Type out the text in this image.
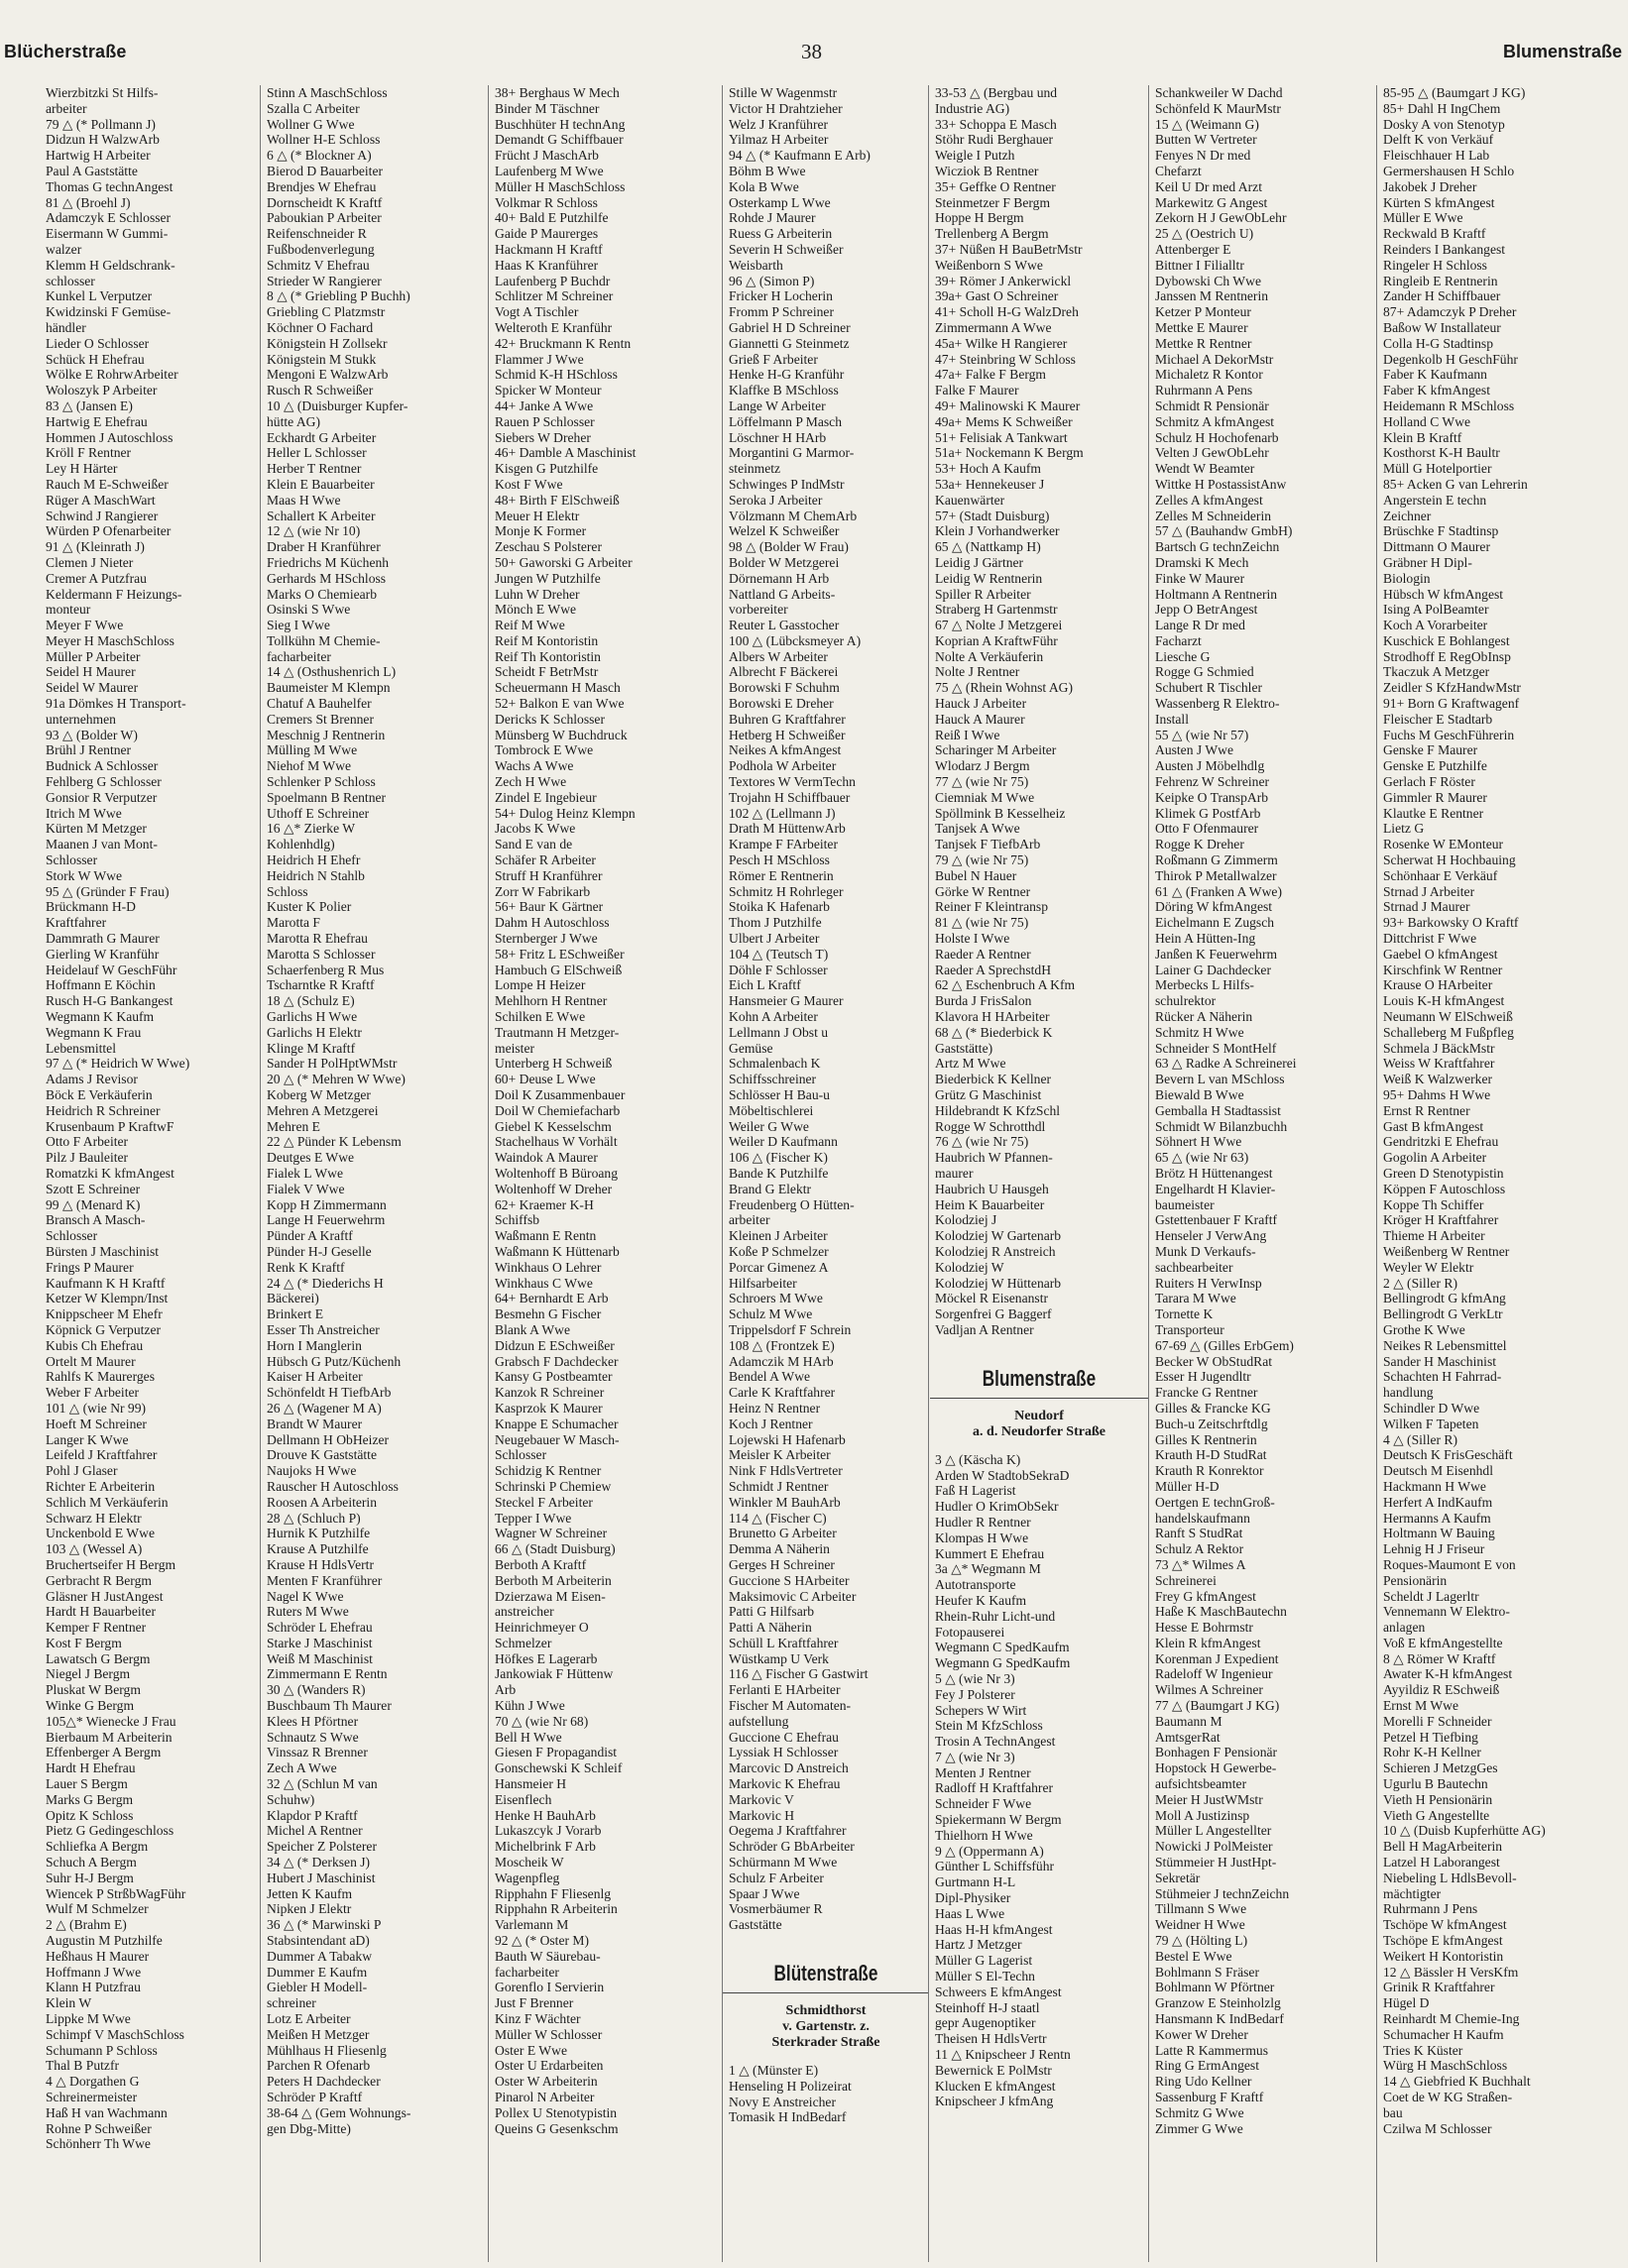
Blücherstraße	38	Blumenstraße
Wierzbitzki St Hilfs-
arbeiter
79 △ (* Pollmann J)
Didzun H WalzwArb
Hartwig H Arbeiter
Paul A Gaststätte
Thomas G technAngest
81 △ (Broehl J)
Adamczyk E Schlosser
Eisermann W Gummi-
walzer
Klemm H Geldschrank-
schlosser
Kunkel L Verputzer
Kwidzinski F Gemüse-
händler
Lieder O Schlosser
Schück H Ehefrau
Wölke E RohrwArbeiter
Woloszyk P Arbeiter
83 △ (Jansen E)
Hartwig E Ehefrau
Hommen J Autoschloss
Kröll F Rentner
Ley H Härter
Rauch M E-Schweißer
Rüger A MaschWart
Schwind J Rangierer
Würden P Ofenarbeiter
91 △ (Kleinrath J)
Clemen J Nieter
Cremer A Putzfrau
Keldermann F Heizungs-
monteur
Meyer F Wwe
Meyer H MaschSchloss
Müller P Arbeiter
Seidel H Maurer
Seidel W Maurer
91a Dömkes H Transport-
unternehmen
93 △ (Bolder W)
Brühl J Rentner
Budnick A Schlosser
Fehlberg G Schlosser
Gonsior R Verputzer
Itrich M Wwe
Kürten M Metzger
Maanen J van Mont-
Schlosser
Stork W Wwe
95 △ (Gründer F Frau)
Brückmann H-D
Kraftfahrer
Dammrath G Maurer
Gierling W Kranführ
Heidelauf W GeschFühr
Hoffmann E Köchin
Rusch H-G Bankangest
Wegmann K Kaufm
Wegmann K Frau
Lebensmittel
97 △ (* Heidrich W Wwe)
Adams J Revisor
Böck E Verkäuferin
Heidrich R Schreiner
Krusenbaum P KraftwF
Otto F Arbeiter
Pilz J Bauleiter
Romatzki K kfmAngest
Szott E Schreiner
99 △ (Menard K)
Bransch A Masch-
Schlosser
Bürsten J Maschinist
Frings P Maurer
Kaufmann K H Kraftf
Ketzer W Klempn/Inst
Knippscheer M Ehefr
Köpnick G Verputzer
Kubis Ch Ehefrau
Ortelt M Maurer
Rahlfs K Maurerges
Weber F Arbeiter
101 △ (wie Nr 99)
Hoeft M Schreiner
Langer K Wwe
Leifeld J Kraftfahrer
Pohl J Glaser
Richter E Arbeiterin
Schlich M Verkäuferin
Schwarz H Elektr
Unckenbold E Wwe
103 △ (Wessel A)
Bruchertseifer H Bergm
Gerbracht R Bergm
Gläsner H JustAngest
Hardt H Bauarbeiter
Kemper F Rentner
Kost F Bergm
Lawatsch G Bergm
Niegel J Bergm
Pluskat W Bergm
Winke G Bergm
105△* Wienecke J Frau
Bierbaum M Arbeiterin
Effenberger A Bergm
Hardt H Ehefrau
Lauer S Bergm
Marks G Bergm
Opitz K Schloss
Pietz G Gedingeschloss
Schliefka A Bergm
Schuch A Bergm
Suhr H-J Bergm
Wiencek P StrßbWagFühr
Wulf M Schmelzer
2 △ (Brahm E)
Augustin M Putzhilfe
Heßhaus H Maurer
Hoffmann J Wwe
Klann H Putzfrau
Klein W
Lippke M Wwe
Schimpf V MaschSchloss
Schumann P Schloss
Thal B Putzfr
4 △ Dorgathen G
Schreinermeister
Haß H van Wachmann
Rohne P Schweißer
Schönherr Th Wwe
Stinn A MaschSchloss
Szalla C Arbeiter
Wollner G Wwe
Wollner H-E Schloss
6 △ (* Blockner A)
Bierod D Bauarbeiter
Brendjes W Ehefrau
Dornscheidt K Kraftf
Paboukian P Arbeiter
Reifenschneider R
Fußbodenverlegung
Schmitz V Ehefrau
Strieder W Rangierer
8 △ (* Griebling P Buchh)
Griebling C Platzmstr
Köchner O Fachard
Königstein H Zollsekr
Königstein M Stukk
Mengoni E WalzwArb
Rusch R Schweißer
10 △ (Duisburger Kupfer-
hütte AG)
Eckhardt G Arbeiter
Heller L Schlosser
Herber T Rentner
Klein E Bauarbeiter
Maas H Wwe
Schallert K Arbeiter
12 △ (wie Nr 10)
Draber H Kranführer
Friedrichs M Küchenh
Gerhards M HSchloss
Marks O Chemiearb
Osinski S Wwe
Sieg I Wwe
Tollkühn M Chemie-
facharbeiter
14 △ (Osthushenrich L)
Baumeister M Klempn
Chatuf A Bauhelfer
Cremers St Brenner
Meschnig J Rentnerin
Mülling M Wwe
Niehof M Wwe
Schlenker P Schloss
Spoelmann B Rentner
Uthoff E Schreiner
16 △* Zierke W
Kohlenhdlg)
Heidrich H Ehefr
Heidrich N Stahlb
Schloss
Kuster K Polier
Marotta F
Marotta R Ehefrau
Marotta S Schlosser
Schaerfenberg R Mus
Tscharntke R Kraftf
18 △ (Schulz E)
Garlichs H Wwe
Garlichs H Elektr
Klinge M Kraftf
Sander H PolHptWMstr
20 △ (* Mehren W Wwe)
Koberg W Metzger
Mehren A Metzgerei
Mehren E
22 △ Pünder K Lebensm
Deutges E Wwe
Fialek L Wwe
Fialek V Wwe
Kopp H Zimmermann
Lange H Feuerwehrm
Pünder A Kraftf
Pünder H-J Geselle
Renk K Kraftf
24 △ (* Diederichs H
Bäckerei)
Brinkert E
Esser Th Anstreicher
Horn I Manglerin
Hübsch G Putz/Küchenh
Kaiser H Arbeiter
Schönfeldt H TiefbArb
26 △ (Wagener M A)
Brandt W Maurer
Dellmann H ObHeizer
Drouve K Gaststätte
Naujoks H Wwe
Rauscher H Autoschloss
Roosen A Arbeiterin
28 △ (Schluch P)
Hurnik K Putzhilfe
Krause A Putzhilfe
Krause H HdlsVertr
Menten F Kranführer
Nagel K Wwe
Ruters M Wwe
Schröder L Ehefrau
Starke J Maschinist
Weiß M Maschinist
Zimmermann E Rentn
30 △ (Wanders R)
Buschbaum Th Maurer
Klees H Pförtner
Schnautz S Wwe
Vinssaz R Brenner
Zech A Wwe
32 △ (Schlun M van
Schuhw)
Klapdor P Kraftf
Michel A Rentner
Speicher Z Polsterer
34 △ (* Derksen J)
Hubert J Maschinist
Jetten K Kaufm
Nipken J Elektr
36 △ (* Marwinski P
Stabsintendant aD)
Dummer A Tabakw
Dummer E Kaufm
Giebler H Modell-
schreiner
Lotz E Arbeiter
Meißen H Metzger
Mühlhaus H Fliesenlg
Parchen R Ofenarb
Peters H Dachdecker
Schröder P Kraftf
38-64 △ (Gem Wohnungs-
gen Dbg-Mitte)
38+ Berghaus W Mech
Binder M Täschner
Buschhüter H technAng
Demandt G Schiffbauer
Frücht J MaschArb
Laufenberg M Wwe
Müller H MaschSchloss
Volkmar R Schloss
40+ Bald E Putzhilfe
Gaide P Maurerges
Hackmann H Kraftf
Haas K Kranführer
Laufenberg P Buchdr
Schlitzer M Schreiner
Vogt A Tischler
Welteroth E Kranführ
42+ Bruckmann K Rentn
Flammer J Wwe
Schmid K-H HSchloss
Spicker W Monteur
44+ Janke A Wwe
Rauen P Schlosser
Siebers W Dreher
46+ Damble A Maschinist
Kisgen G Putzhilfe
Kost F Wwe
48+ Birth F ElSchweiß
Meuer H Elektr
Monje K Former
Zeschau S Polsterer
50+ Gaworski G Arbeiter
Jungen W Putzhilfe
Luhn W Dreher
Mönch E Wwe
Reif M Wwe
Reif M Kontoristin
Reif Th Kontoristin
Scheidt F BetrMstr
Scheuermann H Masch
52+ Balkon E van Wwe
Dericks K Schlosser
Münsberg W Buchdruck
Tombrock E Wwe
Wachs A Wwe
Zech H Wwe
Zindel E Ingebieur
54+ Dulog Heinz Klempn
Jacobs K Wwe
Sand E van de
Schäfer R Arbeiter
Struff H Kranführer
Zorr W Fabrikarb
56+ Baur K Gärtner
Dahm H Autoschloss
Sternberger J Wwe
58+ Fritz L ESchweißer
Hambuch G ElSchweiß
Lompe H Heizer
Mehlhorn H Rentner
Schilken E Wwe
Trautmann H Metzger-
meister
Unterberg H Schweiß
60+ Deuse L Wwe
Doil K Zusammenbauer
Doil W Chemiefacharb
Giebel K Kesselschm
Stachelhaus W Vorhält
Waindok A Maurer
Woltenhoff B Büroang
Woltenhoff W Dreher
62+ Kraemer K-H
Schiffsb
Waßmann E Rentn
Waßmann K Hüttenarb
Winkhaus O Lehrer
Winkhaus C Wwe
64+ Bernhardt E Arb
Besmehn G Fischer
Blank A Wwe
Didzun E ESchweißer
Grabsch F Dachdecker
Kansy G Postbeamter
Kanzok R Schreiner
Kasprzok K Maurer
Knappe E Schumacher
Neugebauer W Masch-
Schlosser
Schidzig K Rentner
Schrinski P Chemiew
Steckel F Arbeiter
Tepper I Wwe
Wagner W Schreiner
66 △ (Stadt Duisburg)
Berboth A Kraftf
Berboth M Arbeiterin
Dzierzawa M Eisen-
anstreicher
Heinrichmeyer O
Schmelzer
Höfkes E Lagerarb
Jankowiak F Hüttenw
Arb
Kühn J Wwe
70 △ (wie Nr 68)
Bell H Wwe
Giesen F Propagandist
Gonschewski K Schleif
Hansmeier H
Eisenflech
Henke H BauhArb
Lukaszcyk J Vorarb
Michelbrink F Arb
Moscheik W
Wagenpfleg
Ripphahn F Fliesenlg
Ripphahn R Arbeiterin
Varlemann M
92 △ (* Oster M)
Bauth W Säurebau-
facharbeiter
Gorenflo I Servierin
Just F Brenner
Kinz F Wächter
Müller W Schlosser
Oster E Wwe
Oster U Erdarbeiten
Oster W Arbeiterin
Pinarol N Arbeiter
Pollex U Stenotypistin
Queins G Gesenkschm
Stille W Wagenmstr
Victor H Drahtzieher
Welz J Kranführer
Yilmaz H Arbeiter
94 △ (* Kaufmann E Arb)
Böhm B Wwe
Kola B Wwe
Osterkamp L Wwe
Rohde J Maurer
Ruess G Arbeiterin
Severin H Schweißer
Weisbarth
96 △ (Simon P)
Fricker H Locherin
Fromm P Schreiner
Gabriel H D Schreiner
Giannetti G Steinmetz
Grieß F Arbeiter
Henke H-G Kranführ
Klaffke B MSchloss
Lange W Arbeiter
Löffelmann P Masch
Löschner H HArb
Morgantini G Marmor-
steinmetz
Schwinges P IndMstr
Seroka J Arbeiter
Völzmann M ChemArb
Welzel K Schweißer
98 △ (Bolder W Frau)
Bolder W Metzgerei
Dörnemann H Arb
Nattland G Arbeits-
vorbereiter
Reuter L Gasstocher
100 △ (Lübcksmeyer A)
Albers W Arbeiter
Albrecht F Bäckerei
Borowski F Schuhm
Borowski E Dreher
Buhren G Kraftfahrer
Hetberg H Schweißer
Neikes A kfmAngest
Podhola W Arbeiter
Textores W VermTechn
Trojahn H Schiffbauer
102 △ (Lellmann J)
Drath M HüttenwArb
Krampe F FArbeiter
Pesch H MSchloss
Römer E Rentnerin
Schmitz H Rohrleger
Stoika K Hafenarb
Thom J Putzhilfe
Ulbert J Arbeiter
104 △ (Teutsch T)
Döhle F Schlosser
Eich L Kraftf
Hansmeier G Maurer
Kohn A Arbeiter
Lellmann J Obst u
Gemüse
Schmalenbach K
Schiffsschreiner
Schlösser H Bau-u
Möbeltischlerei
Weiler G Wwe
Weiler D Kaufmann
106 △ (Fischer K)
Bande K Putzhilfe
Brand G Elektr
Freudenberg O Hütten-
arbeiter
Kleinen J Arbeiter
Koße P Schmelzer
Porcar Gimenez A
Hilfsarbeiter
Schroers M Wwe
Schulz M Wwe
Trippelsdorf F Schrein
108 △ (Frontzek E)
Adamczik M HArb
Bendel A Wwe
Carle K Kraftfahrer
Heinz N Rentner
Koch J Rentner
Lojewski H Hafenarb
Meisler K Arbeiter
Nink F HdlsVertreter
Schmidt J Rentner
Winkler M BauhArb
114 △ (Fischer C)
Brunetto G Arbeiter
Demma A Näherin
Gerges H Schreiner
Guccione S HArbeiter
Maksimovic C Arbeiter
Patti G Hilfsarb
Patti A Näherin
Schüll L Kraftfahrer
Wüstkamp U Verk
116 △ Fischer G Gastwirt
Ferlanti E HArbeiter
Fischer M Automaten-
aufstellung
Guccione C Ehefrau
Lyssiak H Schlosser
Marcovic D Anstreich
Markovic K Ehefrau
Markovic V
Markovic H
Oegema J Kraftfahrer
Schröder G BbArbeiter
Schürmann M Wwe
Schulz F Arbeiter
Spaar J Wwe
Vosmerbäumer R
Gaststätte
Blütenstraße
Schmidthorst
v. Gartenstr. z.
Sterkrader Straße
1 △ (Münster E)
Henseling H Polizeirat
Novy E Anstreicher
Tomasik H IndBedarf
33-53 △ (Bergbau und
Industrie AG)
33+ Schoppa E Masch
Stöhr Rudi Berghauer
Weigle I Putzh
Wicziok B Rentner
35+ Geffke O Rentner
Steinmetzer F Bergm
Hoppe H Bergm
Trellenberg A Bergm
37+ Nüßen H BauBetrMstr
Weißenborn S Wwe
39+ Römer J Ankerwickl
39a+ Gast O Schreiner
41+ Scholl H-G WalzDreh
Zimmermann A Wwe
45a+ Wilke H Rangierer
47+ Steinbring W Schloss
47a+ Falke F Bergm
Falke F Maurer
49+ Malinowski K Maurer
49a+ Mems K Schweißer
51+ Felisiak A Tankwart
51a+ Nockemann K Bergm
53+ Hoch A Kaufm
53a+ Hennekeuser J
Kauenwärter
57+ (Stadt Duisburg)
Klein J Vorhandwerker
65 △ (Nattkamp H)
Leidig J Gärtner
Leidig W Rentnerin
Spiller R Arbeiter
Straberg H Gartenmstr
67 △ Nolte J Metzgerei
Koprian A KraftwFühr
Nolte A Verkäuferin
Nolte J Rentner
75 △ (Rhein Wohnst AG)
Hauck J Arbeiter
Hauck A Maurer
Reiß I Wwe
Scharinger M Arbeiter
Wlodarz J Bergm
77 △ (wie Nr 75)
Ciemniak M Wwe
Spöllmink B Kesselheiz
Tanjsek A Wwe
Tanjsek F TiefbArb
79 △ (wie Nr 75)
Bubel N Hauer
Görke W Rentner
Reiner F Kleintransp
81 △ (wie Nr 75)
Holste I Wwe
Raeder A Rentner
Raeder A SprechstdH
62 △ Eschenbruch A Kfm
Burda J FrisSalon
Klavora H HArbeiter
68 △ (* Biederbick K
Gaststätte)
Artz M Wwe
Biederbick K Kellner
Grütz G Maschinist
Hildebrandt K KfzSchl
Rogge W Schrotthdl
76 △ (wie Nr 75)
Haubrich W Pfannen-
maurer
Haubrich U Hausgeh
Heim K Bauarbeiter
Kolodziej J
Kolodziej W Gartenarb
Kolodziej R Anstreich
Kolodziej W
Kolodziej W Hüttenarb
Möckel R Eisenanstr
Sorgenfrei G Baggerf
Vadljan A Rentner
Blumenstraße
Neudorf
a. d. Neudorfer Straße
3 △ (Käscha K)
Arden W StadtobSekraD
Faß H Lagerist
Hudler O KrimObSekr
Hudler R Rentner
Klompas H Wwe
Kummert E Ehefrau
3a △* Wegmann M
Autotransporte
Heufer K Kaufm
Rhein-Ruhr Licht-und
Fotopauserei
Wegmann C SpedKaufm
Wegmann G SpedKaufm
5 △ (wie Nr 3)
Fey J Polsterer
Schepers W Wirt
Stein M KfzSchloss
Trosin A TechnAngest
7 △ (wie Nr 3)
Menten J Rentner
Radloff H Kraftfahrer
Schneider F Wwe
Spiekermann W Bergm
Thielhorn H Wwe
9 △ (Oppermann A)
Günther L Schiffsführ
Gurtmann H-L
Dipl-Physiker
Haas L Wwe
Haas H-H kfmAngest
Hartz J Metzger
Müller G Lagerist
Müller S El-Techn
Schweers E kfmAngest
Steinhoff H-J staatl
gepr Augenoptiker
Theisen H HdlsVertr
11 △ Knipscheer J Rentn
Bewernick E PolMstr
Klucken E kfmAngest
Knipscheer J kfmAng
Schankweiler W Dachd
Schönfeld K MaurMstr
15 △ (Weimann G)
Butten W Vertreter
Fenyes N Dr med
Chefarzt
Keil U Dr med Arzt
Markewitz G Angest
Zekorn H J GewObLehr
25 △ (Oestrich U)
Attenberger E
Bittner I Filialltr
Dybowski Ch Wwe
Janssen M Rentnerin
Ketzer P Monteur
Mettke E Maurer
Mettke R Rentner
Michael A DekorMstr
Michaletz R Kontor
Ruhrmann A Pens
Schmidt R Pensionär
Schmitz A kfmAngest
Schulz H Hochofenarb
Velten J GewObLehr
Wendt W Beamter
Wittke H PostassistAnw
Zelles A kfmAngest
Zelles M Schneiderin
57 △ (Bauhandw GmbH)
Bartsch G technZeichn
Dramski K Mech
Finke W Maurer
Holtmann A Rentnerin
Jepp O BetrAngest
Lange R Dr med
Facharzt
Liesche G
Rogge G Schmied
Schubert R Tischler
Wassenberg R Elektro-
Install
55 △ (wie Nr 57)
Austen J Wwe
Austen J Möbelhdlg
Fehrenz W Schreiner
Keipke O TranspArb
Klimek G PostfArb
Otto F Ofenmaurer
Rogge K Dreher
Roßmann G Zimmerm
Thirok P Metallwalzer
61 △ (Franken A Wwe)
Döring W kfmAngest
Eichelmann E Zugsch
Hein A Hütten-Ing
Janßen K Feuerwehrm
Lainer G Dachdecker
Merbecks L Hilfs-
schulrektor
Rücker A Näherin
Schmitz H Wwe
Schneider S MontHelf
63 △ Radke A Schreinerei
Bevern L van MSchloss
Biewald B Wwe
Gemballa H Stadtassist
Schmidt W Bilanzbuchh
Söhnert H Wwe
65 △ (wie Nr 63)
Brötz H Hüttenangest
Engelhardt H Klavier-
baumeister
Gstettenbauer F Kraftf
Henseler J VerwAng
Munk D Verkaufs-
sachbearbeiter
Ruiters H VerwInsp
Tarara M Wwe
Tornette K
Transporteur
67-69 △ (Gilles ErbGem)
Becker W ObStudRat
Esser H Jugendltr
Francke G Rentner
Gilles & Francke KG
Buch-u Zeitschrftdlg
Gilles K Rentnerin
Krauth H-D StudRat
Krauth R Konrektor
Müller H-D
Oertgen E technGroß-
handelskaufmann
Ranft S StudRat
Schulz A Rektor
73 △* Wilmes A
Schreinerei
Frey G kfmAngest
Haße K MaschBautechn
Hesse E Bohrmstr
Klein R kfmAngest
Korenman J Expedient
Radeloff W Ingenieur
Wilmes A Schreiner
77 △ (Baumgart J KG)
Baumann M
AmtsgerRat
Bonhagen F Pensionär
Hopstock H Gewerbe-
aufsichtsbeamter
Meier H JustWMstr
Moll A Justizinsp
Müller L Angestellter
Nowicki J PolMeister
Stümmeier H JustHpt-
Sekretär
Stühmeier J technZeichn
Tillmann S Wwe
Weidner H Wwe
79 △ (Hölting L)
Bestel E Wwe
Bohlmann S Fräser
Bohlmann W Pförtner
Granzow E Steinholzlg
Hansmann K IndBedarf
Kower W Dreher
Latte R Kammermus
Ring G ErmAngest
Ring Udo Kellner
Sassenburg F Kraftf
Schmitz G Wwe
Zimmer G Wwe
85-95 △ (Baumgart J KG)
85+ Dahl H IngChem
Dosky A von Stenotyp
Delft K von Verkäuf
Fleischhauer H Lab
Germershausen H Schlo
Jakobek J Dreher
Kürten S kfmAngest
Müller E Wwe
Reckwald B Kraftf
Reinders I Bankangest
Ringeler H Schloss
Ringleib E Rentnerin
Zander H Schiffbauer
87+ Adamczyk P Dreher
Baßow W Installateur
Colla H-G Stadtinsp
Degenkolb H GeschFühr
Faber K Kaufmann
Faber K kfmAngest
Heidemann R MSchloss
Holland C Wwe
Klein B Kraftf
Kosthorst K-H Baultr
Müll G Hotelportier
85+ Acken G van Lehrerin
Angerstein E techn
Zeichner
Brüschke F Stadtinsp
Dittmann O Maurer
Gräbner H Dipl-
Biologin
Hübsch W kfmAngest
Ising A PolBeamter
Koch A Vorarbeiter
Kuschick E Bohlangest
Strodhoff E RegObInsp
Tkaczuk A Metzger
Zeidler S KfzHandwMstr
91+ Born G Kraftwagenf
Fleischer E Stadtarb
Fuchs M GeschFührerin
Genske F Maurer
Genske E Putzhilfe
Gerlach F Röster
Gimmler R Maurer
Klautke E Rentner
Lietz G
Rosenke W EMonteur
Scherwat H Hochbauing
Schönhaar E Verkäuf
Strnad J Arbeiter
Strnad J Maurer
93+ Barkowsky O Kraftf
Dittchrist F Wwe
Gaebel O kfmAngest
Kirschfink W Rentner
Krause O HArbeiter
Louis K-H kfmAngest
Neumann W ElSchweiß
Schalleberg M Fußpfleg
Schmela J BäckMstr
Weiss W Kraftfahrer
Weiß K Walzwerker
95+ Dahms H Wwe
Ernst R Rentner
Gast B kfmAngest
Gendritzki E Ehefrau
Gogolin A Arbeiter
Green D Stenotypistin
Köppen F Autoschloss
Koppe Th Schiffer
Kröger H Kraftfahrer
Thieme H Arbeiter
Weißenberg W Rentner
Weyler W Elektr
2 △ (Siller R)
Bellingrodt G kfmAng
Bellingrodt G VerkLtr
Grothe K Wwe
Neikes R Lebensmittel
Sander H Maschinist
Schachten H Fahrrad-
handlung
Schindler D Wwe
Wilken F Tapeten
4 △ (Siller R)
Deutsch K FrisGeschäft
Deutsch M Eisenhdl
Hackmann H Wwe
Herfert A IndKaufm
Hermanns A Kaufm
Holtmann W Bauing
Lehnig H J Friseur
Roques-Maumont E von
Pensionärin
Scheldt J Lagerltr
Vennemann W Elektro-
anlagen
Voß E kfmAngestellte
8 △ Römer W Kraftf
Awater K-H kfmAngest
Ayyildiz R ESchweiß
Ernst M Wwe
Morelli F Schneider
Petzel H Tiefbing
Rohr K-H Kellner
Schieren J MetzgGes
Ugurlu B Bautechn
Vieth H Pensionärin
Vieth G Angestellte
10 △ (Duisb Kupferhütte AG)
Bell H MagArbeiterin
Latzel H Laborangest
Niebeling L HdlsBevoll-
mächtigter
Ruhrmann J Pens
Tschöpe W kfmAngest
Tschöpe E kfmAngest
Weikert H Kontoristin
12 △ Bässler H VersKfm
Grinik R Kraftfahrer
Hügel D
Reinhardt M Chemie-Ing
Schumacher H Kaufm
Tries K Küster
Würg H MaschSchloss
14 △ Giebfried K Buchhalt
Coet de W KG Straßen-
bau
Czilwa M Schlosser
